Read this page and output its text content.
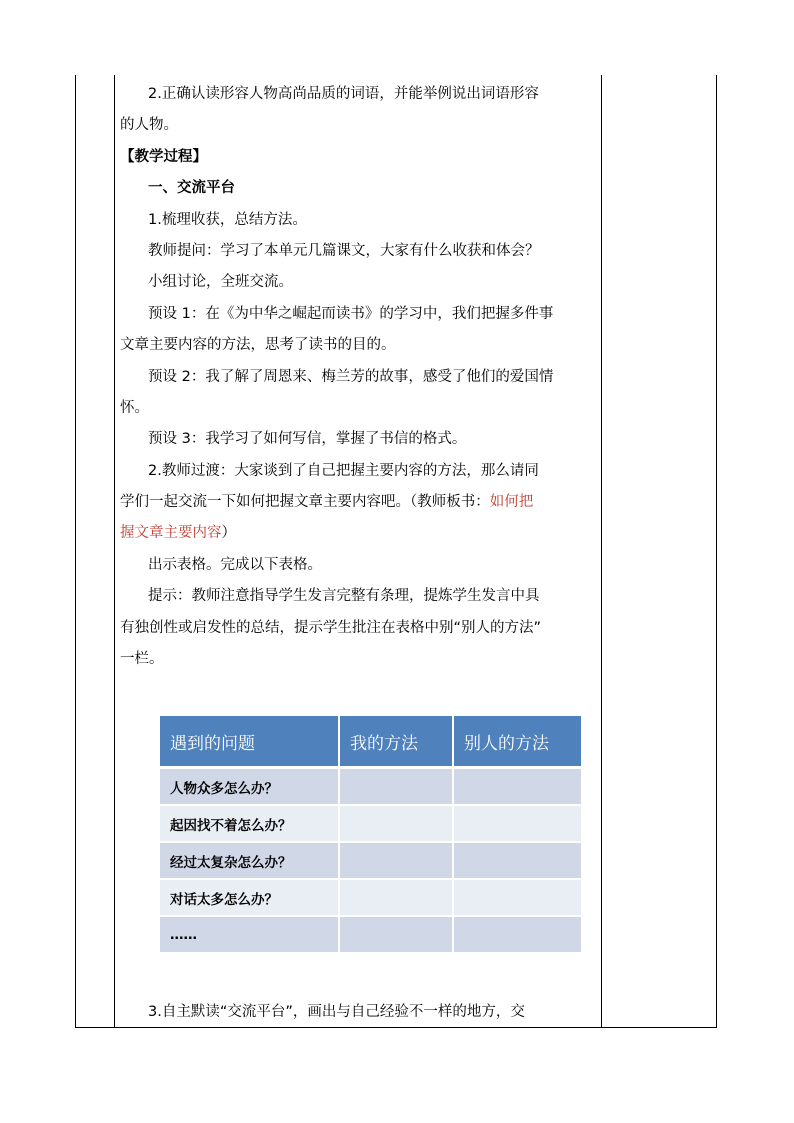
2.正确认读形容人物高尚品质的词语，并能举例说出词语形容
的人物。
【教学过程】
一、交流平台
1.梳理收获，总结方法。
教师提问：学习了本单元几篇课文，大家有什么收获和体会？
小组讨论，全班交流。
预设 1：在《为中华之崛起而读书》的学习中，我们把握多件事
文章主要内容的方法，思考了读书的目的。
预设 2：我了解了周恩来、梅兰芳的故事，感受了他们的爱国情
怀。
预设 3：我学习了如何写信，掌握了书信的格式。
2.教师过渡：大家谈到了自己把握主要内容的方法，那么请同
学们一起交流一下如何把握文章主要内容吧。（教师板书：如何把
握文章主要内容）
出示表格。完成以下表格。
提示：教师注意指导学生发言完整有条理，提炼学生发言中具
有独创性或启发性的总结，提示学生批注在表格中别“别人的方法”
一栏。
遇到的问题	我的方法	别人的方法
人物众多怎么办？		
起因找不着怎么办？		
经过太复杂怎么办？		
对话太多怎么办？		
……		
3.自主默读“交流平台”，画出与自己经验不一样的地方，交
